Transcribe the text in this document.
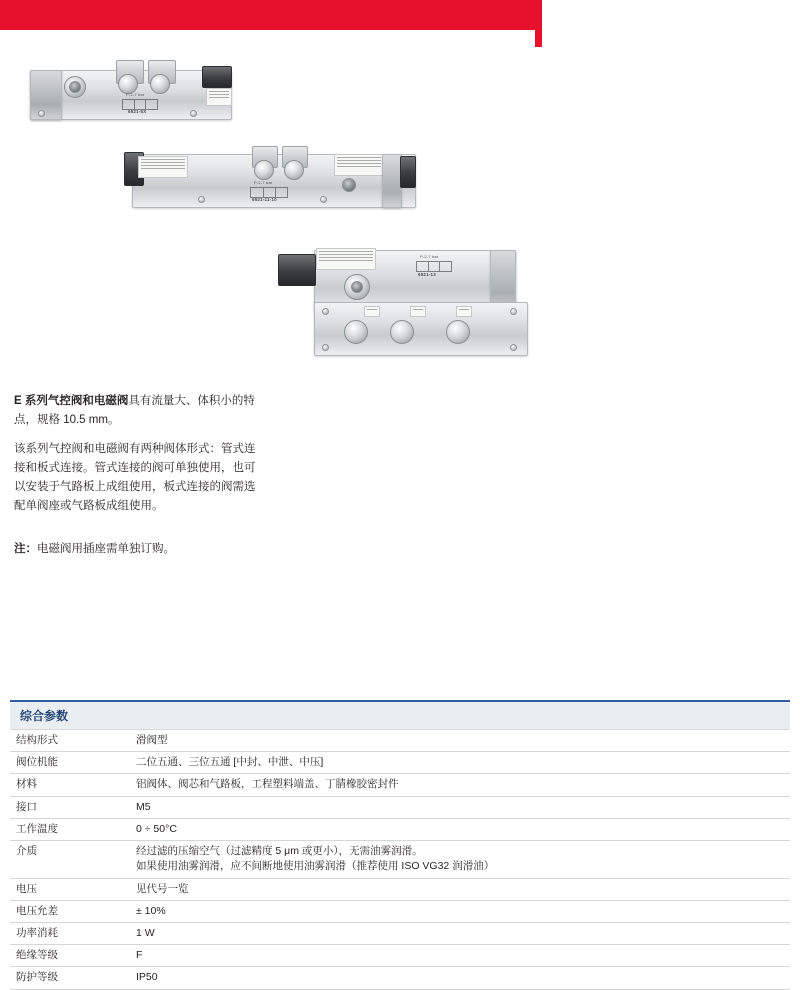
P-2-7 bar
6521-5X
P-2-7 bar
6521-11-10
P-2-7 bar
6521-13
E 系列气控阀和电磁阀具有流量大、体积小的特点，规格 10.5 mm。
该系列气控阀和电磁阀有两种阀体形式：管式连接和板式连接。管式连接的阀可单独使用，也可以安装于气路板上成组使用，板式连接的阀需选配单阀座或气路板成组使用。
注：电磁阀用插座需单独订购。
综合参数
结构形式	滑阀型
阀位机能	二位五通、三位五通 [中封、中泄、中压]
材料	铝阀体、阀芯和气路板，工程塑料端盖、丁腈橡胶密封件
接口	M5
工作温度	0 ÷ 50°C
介质	经过滤的压缩空气（过滤精度 5 μm 或更小），无需油雾润滑。
如果使用油雾润滑，应不间断地使用油雾润滑（推荐使用 ISO VG32 润滑油）

电压	见代号一览
电压允差	± 10%
功率消耗	1 W
绝缘等级	F
防护等级	IP50
